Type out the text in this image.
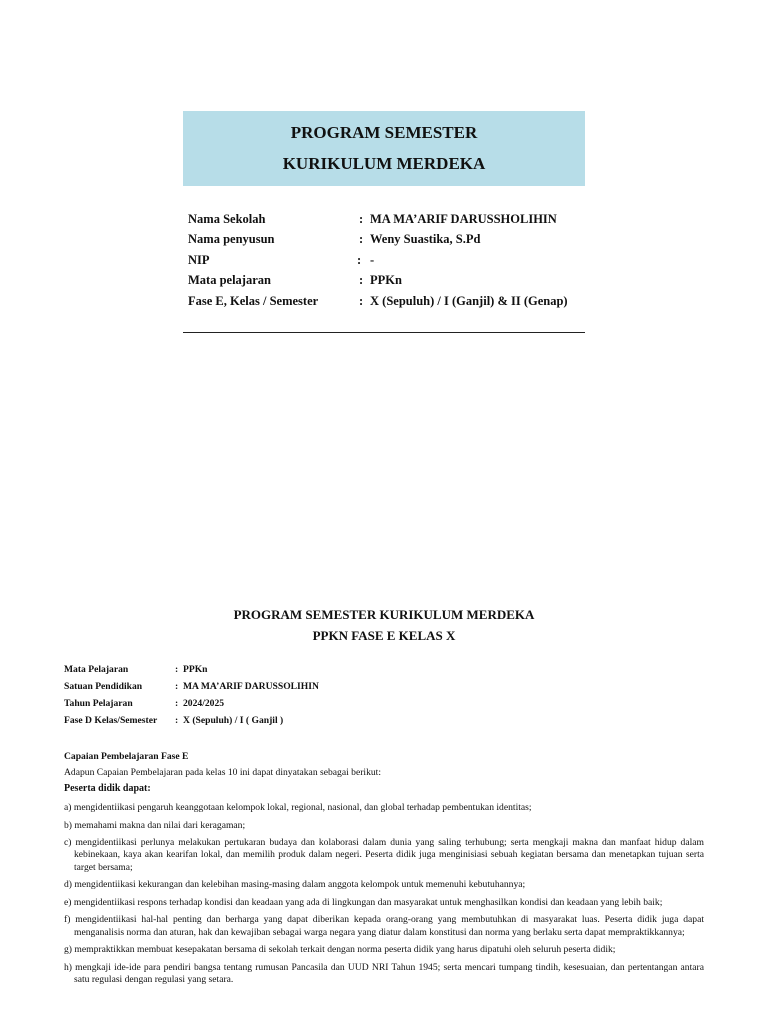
PROGRAM SEMESTER
KURIKULUM MERDEKA
Nama Sekolah	: MA MA’ARIF DARUSSHOLIHIN
Nama penyusun	: Weny Suastika, S.Pd
NIP	: -
Mata pelajaran	: PPKn
Fase E, Kelas / Semester	: X (Sepuluh) / I (Ganjil) & II (Genap)
PROGRAM SEMESTER KURIKULUM MERDEKA
PPKN FASE E KELAS X
Mata Pelajaran	: PPKn
Satuan Pendidikan	: MA MA’ARIF DARUSSOLIHIN
Tahun Pelajaran	: 2024/2025
Fase D Kelas/Semester : X (Sepuluh) / I ( Ganjil )
Capaian Pembelajaran Fase E
Adapun Capaian Pembelajaran pada kelas 10 ini dapat dinyatakan sebagai berikut:
Peserta didik dapat:
a) mengidentiikasi pengaruh keanggotaan kelompok lokal, regional, nasional, dan global terhadap pembentukan identitas;
b) memahami makna dan nilai dari keragaman;
c) mengidentiikasi perlunya melakukan pertukaran budaya dan kolaborasi dalam dunia yang saling terhubung; serta mengkaji makna dan manfaat hidup dalam kebinekaan, kaya akan kearifan lokal, dan memilih produk dalam negeri. Peserta didik juga menginisiasi sebuah kegiatan bersama dan menetapkan tujuan serta target bersama;
d) mengidentiikasi kekurangan dan kelebihan masing-masing dalam anggota kelompok untuk memenuhi kebutuhannya;
e) mengidentiikasi respons terhadap kondisi dan keadaan yang ada di lingkungan dan masyarakat untuk menghasilkan kondisi dan keadaan yang lebih baik;
f) mengidentiikasi hal-hal penting dan berharga yang dapat diberikan kepada orang-orang yang membutuhkan di masyarakat luas. Peserta didik juga dapat menganalisis norma dan aturan, hak dan kewajiban sebagai warga negara yang diatur dalam konstitusi dan norma yang berlaku serta dapat mempraktikkannya;
g) mempraktikkan membuat kesepakatan bersama di sekolah terkait dengan norma peserta didik yang harus dipatuhi oleh seluruh peserta didik;
h) mengkaji ide-ide para pendiri bangsa tentang rumusan Pancasila dan UUD NRI Tahun 1945; serta mencari tumpang tindih, kesesuaian, dan pertentangan antara satu regulasi dengan regulasi yang setara.
